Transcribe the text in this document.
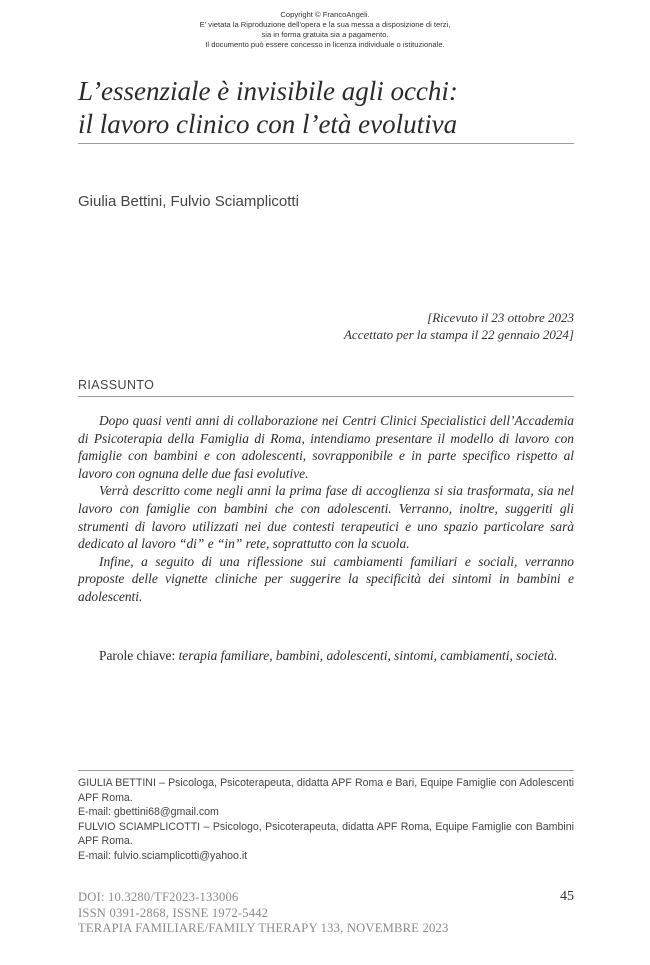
Copyright © FrancoAngeli.
E' vietata la Riproduzione dell'opera e la sua messa a disposizione di terzi,
sia in forma gratuita sia a pagamento.
Il documento può essere concesso in licenza individuale o istituzionale.
L’essenziale è invisibile agli occhi:
il lavoro clinico con l’età evolutiva
Giulia Bettini, Fulvio Sciamplicotti
[Ricevuto il 23 ottobre 2023
Accettato per la stampa il 22 gennaio 2024]
RIASSUNTO

Dopo quasi venti anni di collaborazione nei Centri Clinici Specialistici dell’Accademia di Psicoterapia della Famiglia di Roma, intendiamo presentare il modello di lavoro con famiglie con bambini e con adolescenti, sovrapponibile e in parte specifico rispetto al lavoro con ognuna delle due fasi evolutive.

Verrà descritto come negli anni la prima fase di accoglienza si sia trasformata, sia nel lavoro con famiglie con bambini che con adolescenti. Verranno, inoltre, suggeriti gli strumenti di lavoro utilizzati nei due contesti terapeutici e uno spazio particolare sarà dedicato al lavoro “di” e “in” rete, soprattutto con la scuola.

Infine, a seguito di una riflessione sui cambiamenti familiari e sociali, verranno proposte delle vignette cliniche per suggerire la specificità dei sintomi in bambini e adolescenti.

Parole chiave: terapia familiare, bambini, adolescenti, sintomi, cambiamenti, società.

GIULIA BETTINI – Psicologa, Psicoterapeuta, didatta APF Roma e Bari, Equipe Famiglie con Adolescenti APF Roma.
E-mail: gbettini68@gmail.com
FULVIO SCIAMPLICOTTI – Psicologo, Psicoterapeuta, didatta APF Roma, Equipe Famiglie con Bambini APF Roma.
E-mail: fulvio.sciamplicotti@yahoo.it
DOI: 10.3280/TF2023-133006
ISSN 0391-2868, ISSNE 1972-5442
TERAPIA FAMILIARE/FAMILY THERAPY 133, NOVEMBRE 2023
45
